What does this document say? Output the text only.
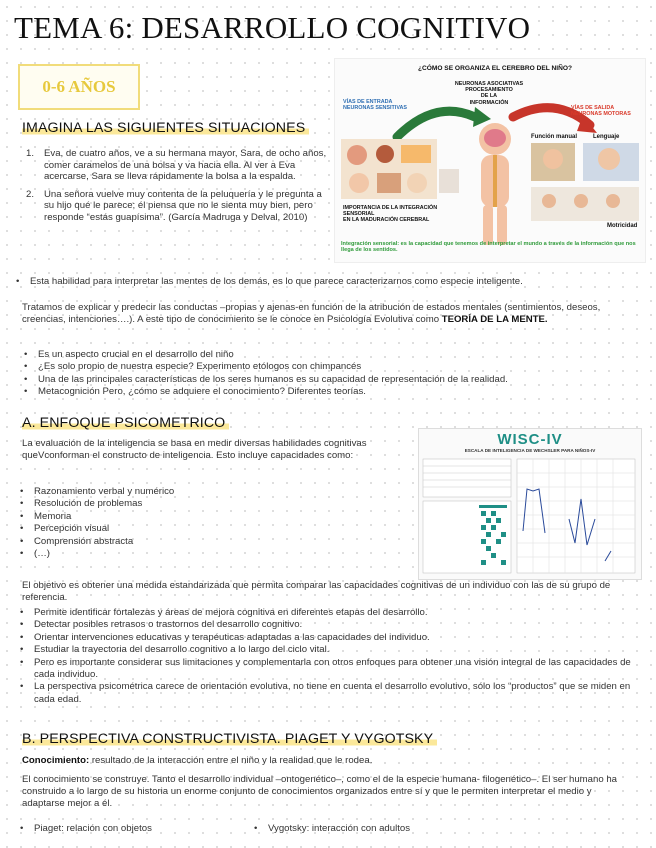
TEMA 6: DESARROLLO COGNITIVO
0-6 AÑOS
IMAGINA LAS SIGUIENTES SITUACIONES
1. Eva, de cuatro años, ve a su hermana mayor, Sara, de ocho años, comer caramelos de una bolsa y va hacia ella. Al ver a Eva acercarse, Sara se lleva rápidamente la bolsa a la espalda.
2. Una señora vuelve muy contenta de la peluquería y le pregunta a su hijo qué le parece; él piensa que no le sienta muy bien, pero responde “estás guapísima”. (García Madruga y Delval, 2010)
¿CÓMO SE ORGANIZA EL CEREBRO DEL NIÑO?
VÍAS DE ENTRADA
NEURONAS SENSITIVAS
NEURONAS ASOCIATIVAS
PROCESAMIENTO
DE LA
INFORMACIÓN
VÍAS DE SALIDA
NEURONAS MOTORAS
Función manual	Lenguaje
Motricidad
IMPORTANCIA DE LA INTEGRACIÓN SENSORIAL
EN LA MADURACIÓN CEREBRAL
Integración sensorial: es la capacidad que tenemos de interpretar el mundo a través de la información que nos llega de los sentidos.
• Esta habilidad para interpretar las mentes de los demás, es lo que parece caracterizarnos como especie inteligente.
Tratamos de explicar y predecir las conductas –propias y ajenas-en función de la atribución de estados mentales (sentimientos, deseos, creencias, intenciones….). A este tipo de conocimiento se le conoce en Psicología Evolutiva como TEORÍA DE LA MENTE.
• Es un aspecto crucial en el desarrollo del niño
• ¿Es solo propio de nuestra especie? Experimento etólogos con chimpancés
• Una de las principales características de los seres humanos es su capacidad de representación de la realidad.
• Metacognición Pero, ¿cómo se adquiere el conocimiento? Diferentes teorías.
A. ENFOQUE PSICOMETRICO
La evaluación de la inteligencia se basa en medir diversas habilidades cognitivas queVconforman el constructo de inteligencia. Esto incluye capacidades como:
• Razonamiento verbal y numérico
• Resolución de problemas
• Memoria
• Percepción visual
• Comprensión abstracta
• (…)
WISC-IV
ESCALA DE INTELIGENCIA DE WECHSLER PARA NIÑOS-IV
El objetivo es obtener una medida estandarizada que permita comparar las capacidades cognitivas de un individuo con las de su grupo de referencia.
• Permite identificar fortalezas y áreas de mejora cognitiva en diferentes etapas del desarrollo.
• Detectar posibles retrasos o trastornos del desarrollo cognitivo.
• Orientar intervenciones educativas y terapéuticas adaptadas a las capacidades del individuo.
• Estudiar la trayectoria del desarrollo cognitivo a lo largo del ciclo vital.
• Pero es importante considerar sus limitaciones y complementarla con otros enfoques para obtener una visión integral de las capacidades de cada individuo.
• La perspectiva psicométrica carece de orientación evolutiva, no tiene en cuenta el desarrollo evolutivo, sólo los “productos” que se miden en cada edad.
B. PERSPECTIVA CONSTRUCTIVISTA. PIAGET Y VYGOTSKY
Conocimiento: resultado de la interacción entre el niño y la realidad que le rodea.
El conocimiento se construye. Tanto el desarrollo individual –ontogenético–, como el de la especie humana- filogenético–. El ser humano ha construido a lo largo de su historia un enorme conjunto de conocimientos organizados entre sí y que le permiten interpretar el medio y adaptarse mejor a él.
• Piaget: relación con objetos
•	Vygotsky: interacción con adultos
